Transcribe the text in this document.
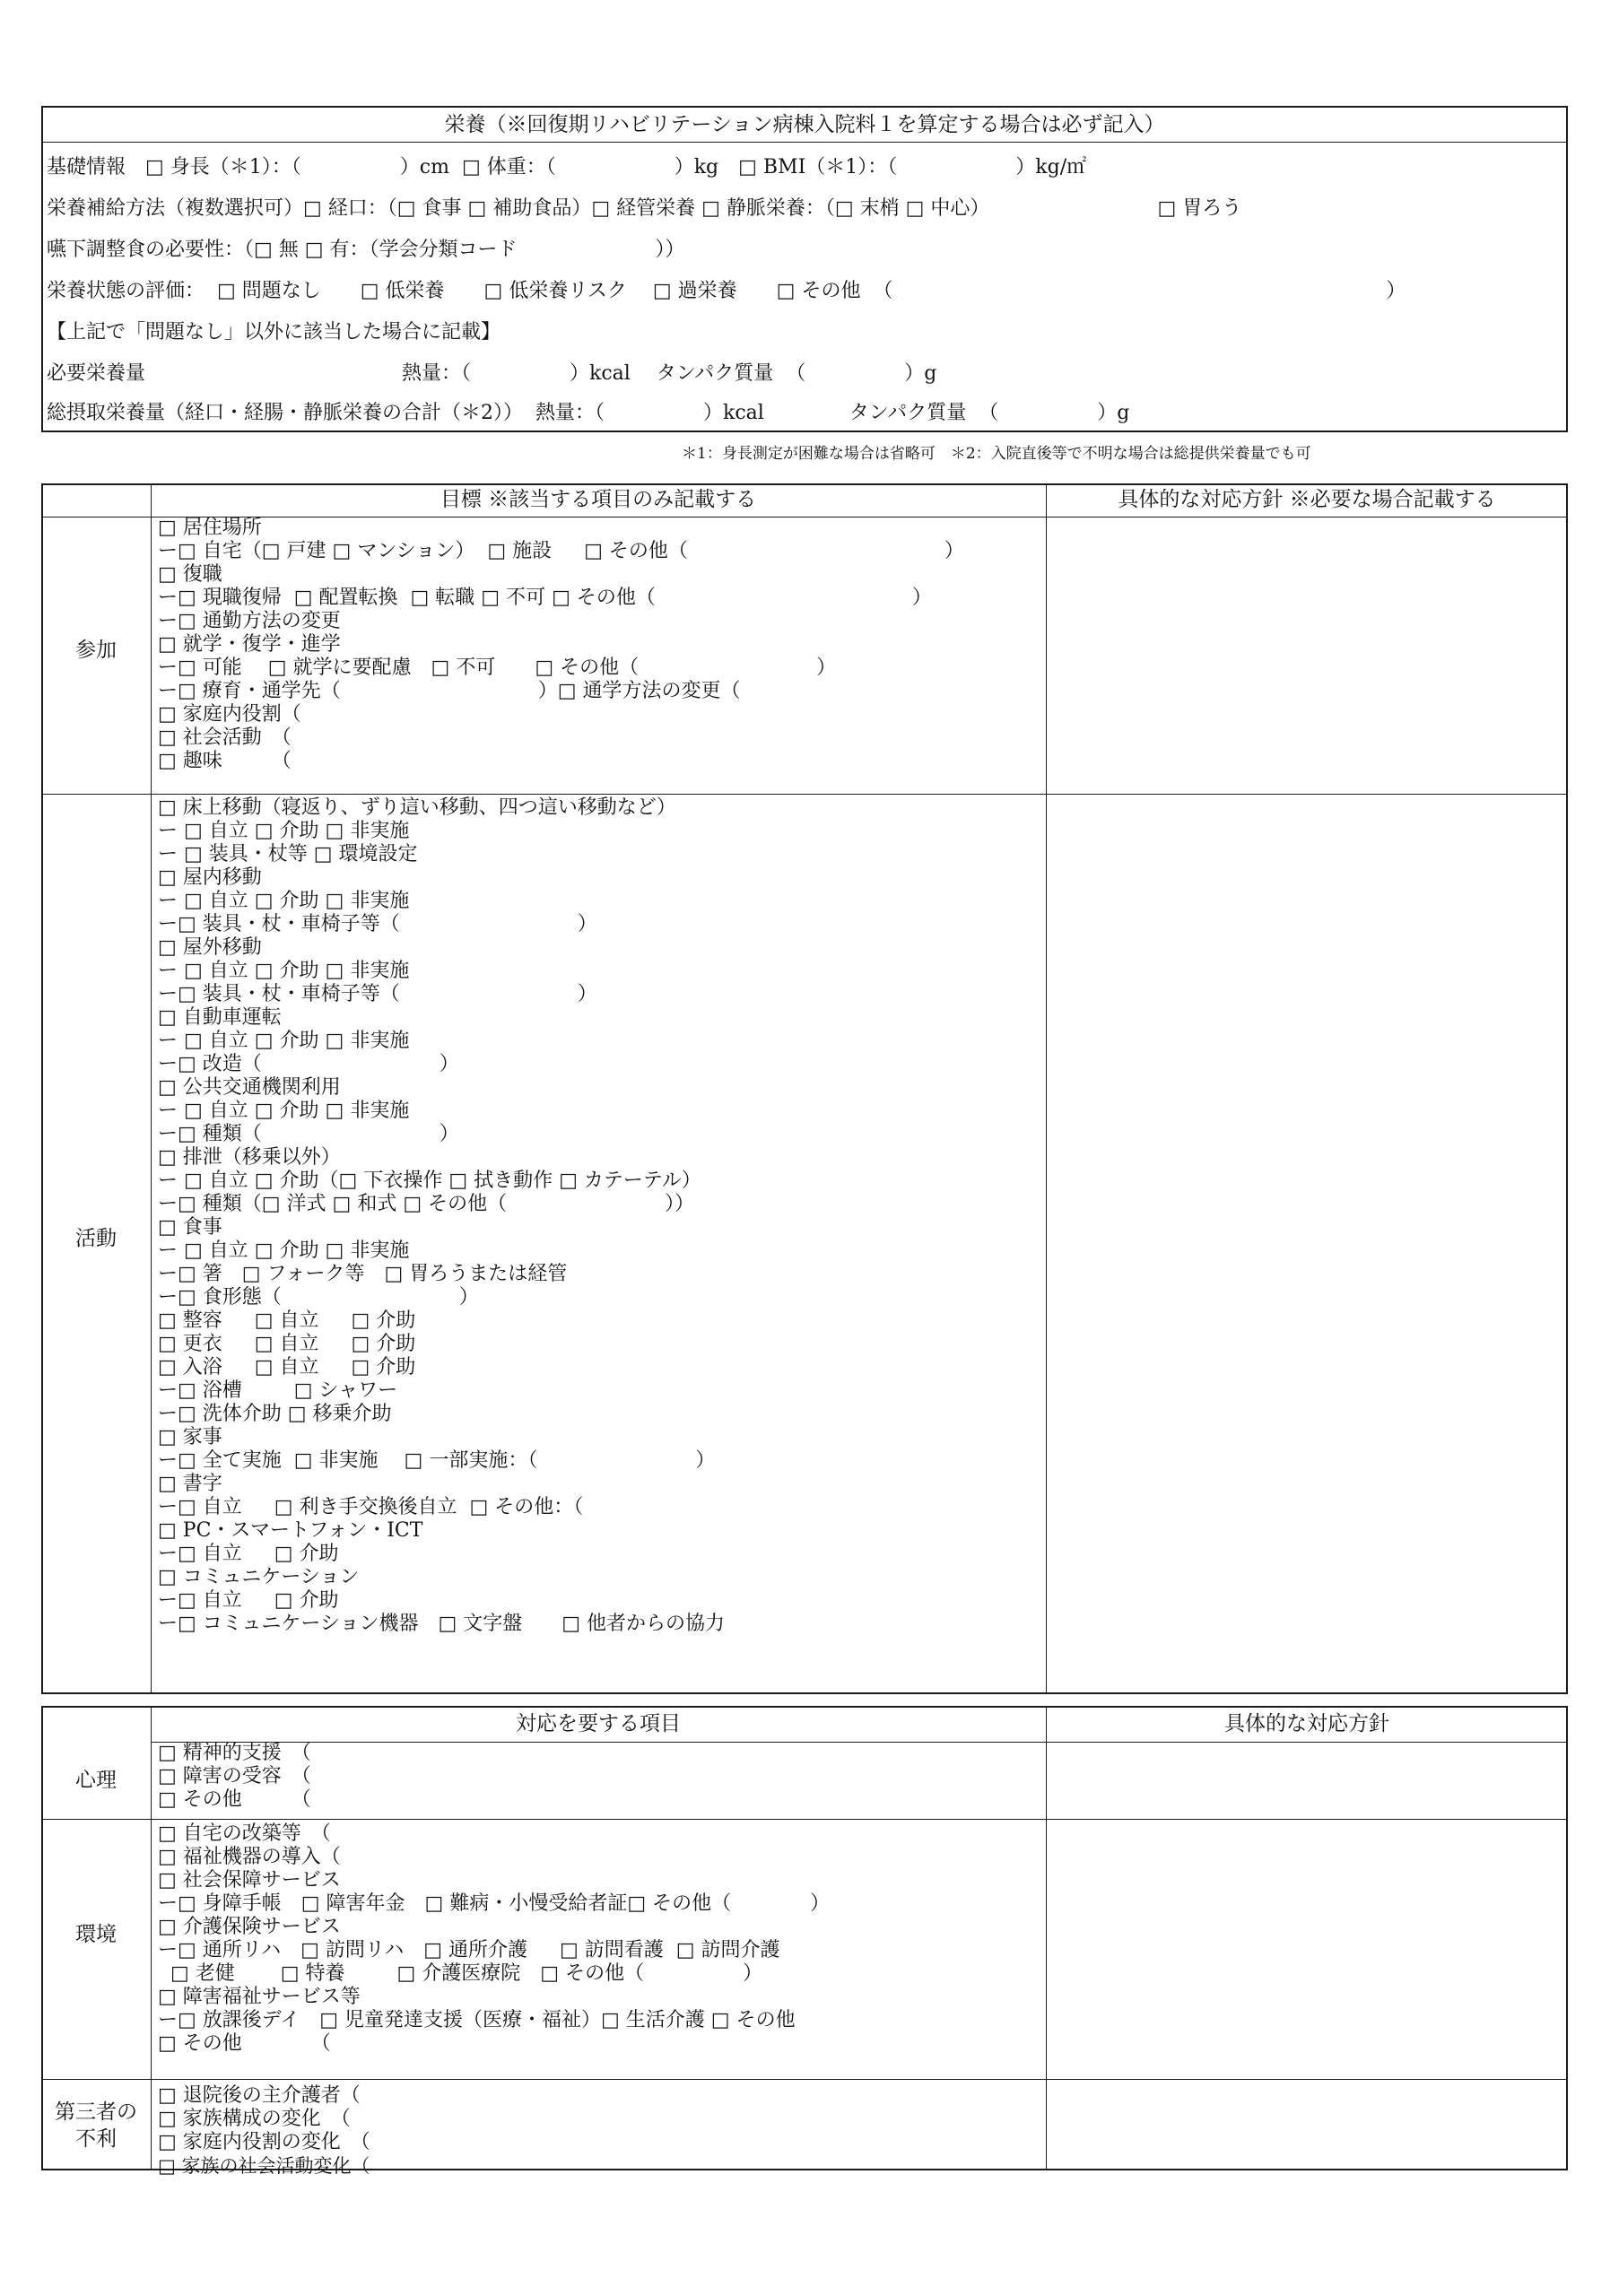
栄養（※回復期リハビリテーション病棟入院料１を算定する場合は必ず記入）
基礎情報　□ 身長（＊1）：（　　　　　）cm  □ 体重：（　　　　　　）kg　□ BMI（＊1）：（　　　　　　）kg/㎡
栄養補給方法（複数選択可）□ 経口：（□ 食事 □ 補助食品）□ 経管栄養 □ 静脈栄養：（□ 末梢 □ 中心）　　　　　　　　　□ 胃ろう
嚥下調整食の必要性：（□ 無 □ 有：（学会分類コード　　　　　　　））
栄養状態の評価：  □ 問題なし　　□ 低栄養　　□ 低栄養リスク　 □ 過栄養　　□ その他  （　　　　　　　　　　　　　　　　　　　　　　　　　）
【上記で「問題なし」以外に該当した場合に記載】
必要栄養量　　　　　　　　　　　　　熱量：（　　　　　）kcal　 タンパク質量  （　　　　　）g
総摂取栄養量（経口・経腸・静脈栄養の合計（＊2））  熱量：（　　　　　）kcal　　　　 タンパク質量  （　　　　　）g
＊1：身長測定が困難な場合は省略可　＊2：入院直後等で不明な場合は総提供栄養量でも可
目標 ※該当する項目のみ記載する	具体的な対応方針 ※必要な場合記載する
参加
活動
□ 居住場所
ー□ 自宅（□ 戸建 □ マンション）  □ 施設　  □ その他（　　　　　　　　　　　　　）
□ 復職
ー□ 現職復帰  □ 配置転換  □ 転職 □ 不可 □ その他（　　　　　　　　　　　　　）
ー□ 通勤方法の変更
□ 就学・復学・進学
ー□ 可能　 □ 就学に要配慮　□ 不可　　□ その他（　　　　　　　　　）
ー□ 療育・通学先（　　　　　　　　　　）□ 通学方法の変更（
□ 家庭内役割（
□ 社会活動　（
□ 趣味　　　（
□ 床上移動（寝返り、ずり這い移動、四つ這い移動など）
ー □ 自立 □ 介助 □ 非実施
ー □ 装具・杖等 □ 環境設定
□ 屋内移動
ー □ 自立 □ 介助 □ 非実施
ー□ 装具・杖・車椅子等（　　　　　　　　　）
□ 屋外移動
ー □ 自立 □ 介助 □ 非実施
ー□ 装具・杖・車椅子等（　　　　　　　　　）
□ 自動車運転
ー □ 自立 □ 介助 □ 非実施
ー□ 改造（　　　　　　　　　）
□ 公共交通機関利用
ー □ 自立 □ 介助 □ 非実施
ー□ 種類（　　　　　　　　　）
□ 排泄（移乗以外）
ー □ 自立 □ 介助（□ 下衣操作 □ 拭き動作 □ カテーテル）
ー□ 種類（□ 洋式 □ 和式 □ その他（　　　　　　　　））
□ 食事
ー □ 自立 □ 介助 □ 非実施
ー□ 箸　□ フォーク等　□ 胃ろうまたは経管
ー□ 食形態（　　　　　　　　　）
□ 整容　  □ 自立　  □ 介助
□ 更衣　  □ 自立　  □ 介助
□ 入浴　  □ 自立　  □ 介助
ー□ 浴槽　　  □ シャワー
ー□ 洗体介助 □ 移乗介助
□ 家事
ー□ 全て実施  □ 非実施　 □ 一部実施：（　　　　　　　　）
□ 書字
ー□ 自立　  □ 利き手交換後自立  □ その他：（
□ PC・スマートフォン・ICT
ー□ 自立　  □ 介助
□ コミュニケーション
ー□ 自立　  □ 介助
ー□ コミュニケーション機器　□ 文字盤　　□ 他者からの協力
対応を要する項目	具体的な対応方針
心理
環境
第三者の
不利
□ 精神的支援　（
□ 障害の受容　（
□ その他　　　（
□ 自宅の改築等　（
□ 福祉機器の導入（
□ 社会保障サービス
ー□ 身障手帳　□ 障害年金　□ 難病・小慢受給者証□ その他（　　　　）
□ 介護保険サービス
ー□ 通所リハ　□ 訪問リハ　□ 通所介護　  □ 訪問看護  □ 訪問介護
□ 老健　　 □ 特養　　  □ 介護医療院　□ その他（　　　　　）
□ 障害福祉サービス等
ー□ 放課後デイ　□ 児童発達支援（医療・福祉）□ 生活介護 □ その他
□ その他　　　　（
□ 退院後の主介護者（
□ 家族構成の変化　（
□ 家庭内役割の変化　（
□ 家族の社会活動変化（
